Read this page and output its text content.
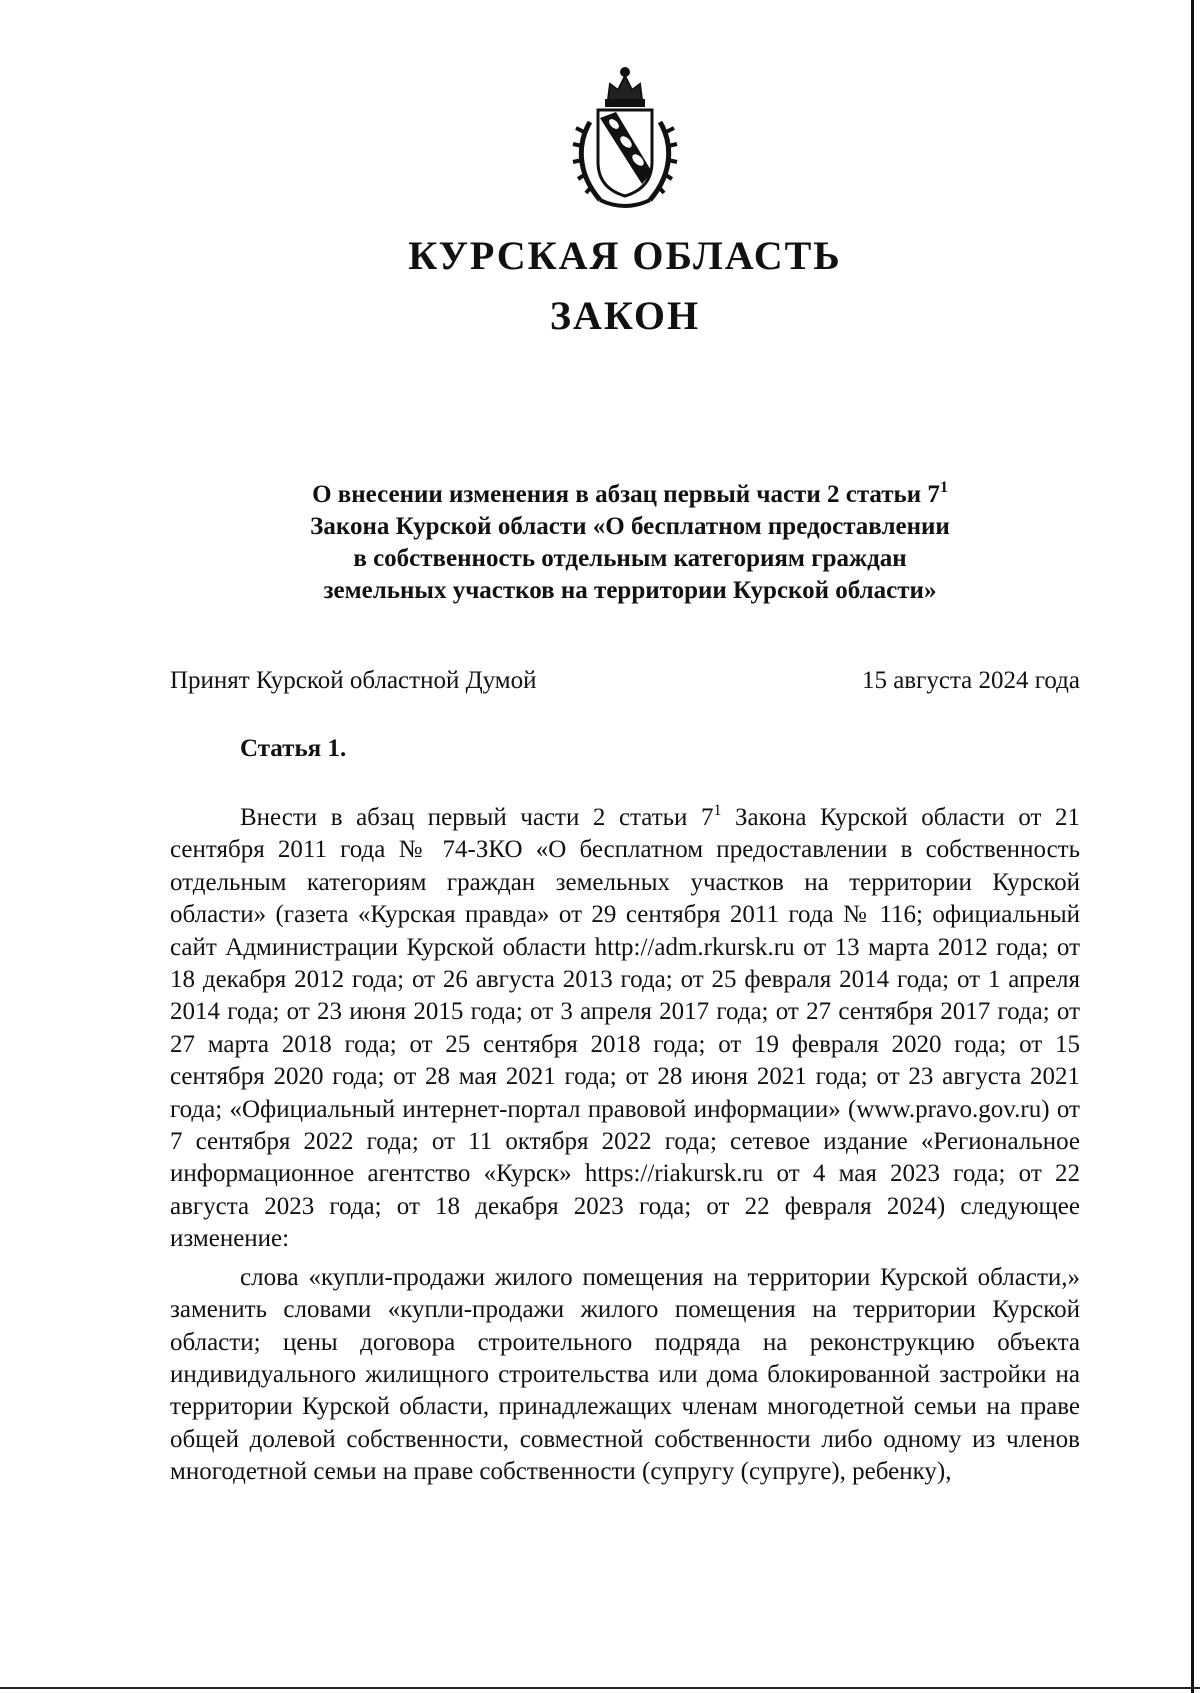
КУРСКАЯ ОБЛАСТЬ
ЗАКОН
О внесении изменения в абзац первый части 2 статьи $7^1$
Закона Курской области «О бесплатном предоставлении
в собственность отдельным категориям граждан
земельных участков на территории Курской области»
Принят Курской областной Думой	15 августа 2024 года
Статья 1.

Внести в абзац первый части 2 статьи $7^1$ Закона Курской области от 21 сентября 2011 года № 74-ЗКО «О бесплатном предоставлении в собственность отдельным категориям граждан земельных участков на территории Курской области» (газета «Курская правда» от 29 сентября 2011 года № 116; официальный сайт Администрации Курской области http://adm.rkursk.ru от 13 марта 2012 года; от 18 декабря 2012 года; от 26 августа 2013 года; от 25 февраля 2014 года; от 1 апреля 2014 года; от 23 июня 2015 года; от 3 апреля 2017 года; от 27 сентября 2017 года; от 27 марта 2018 года; от 25 сентября 2018 года; от 19 февраля 2020 года; от 15 сентября 2020 года; от 28 мая 2021 года; от 28 июня 2021 года; от 23 августа 2021 года; «Официальный интернет-портал правовой информации» (www.pravo.gov.ru) от 7 сентября 2022 года; от 11 октября 2022 года; сетевое издание «Региональное информационное агентство «Курск» https://riakursk.ru от 4 мая 2023 года; от 22 августа 2023 года; от 18 декабря 2023 года; от 22 февраля 2024) следующее изменение:

слова «купли-продажи жилого помещения на территории Курской области,» заменить словами «купли-продажи жилого помещения на территории Курской области; цены договора строительного подряда на реконструкцию объекта индивидуального жилищного строительства или дома блокированной застройки на территории Курской области, принадлежащих членам многодетной семьи на праве общей долевой собственности, совместной собственности либо одному из членов многодетной семьи на праве собственности (супругу (супруге), ребенку),
